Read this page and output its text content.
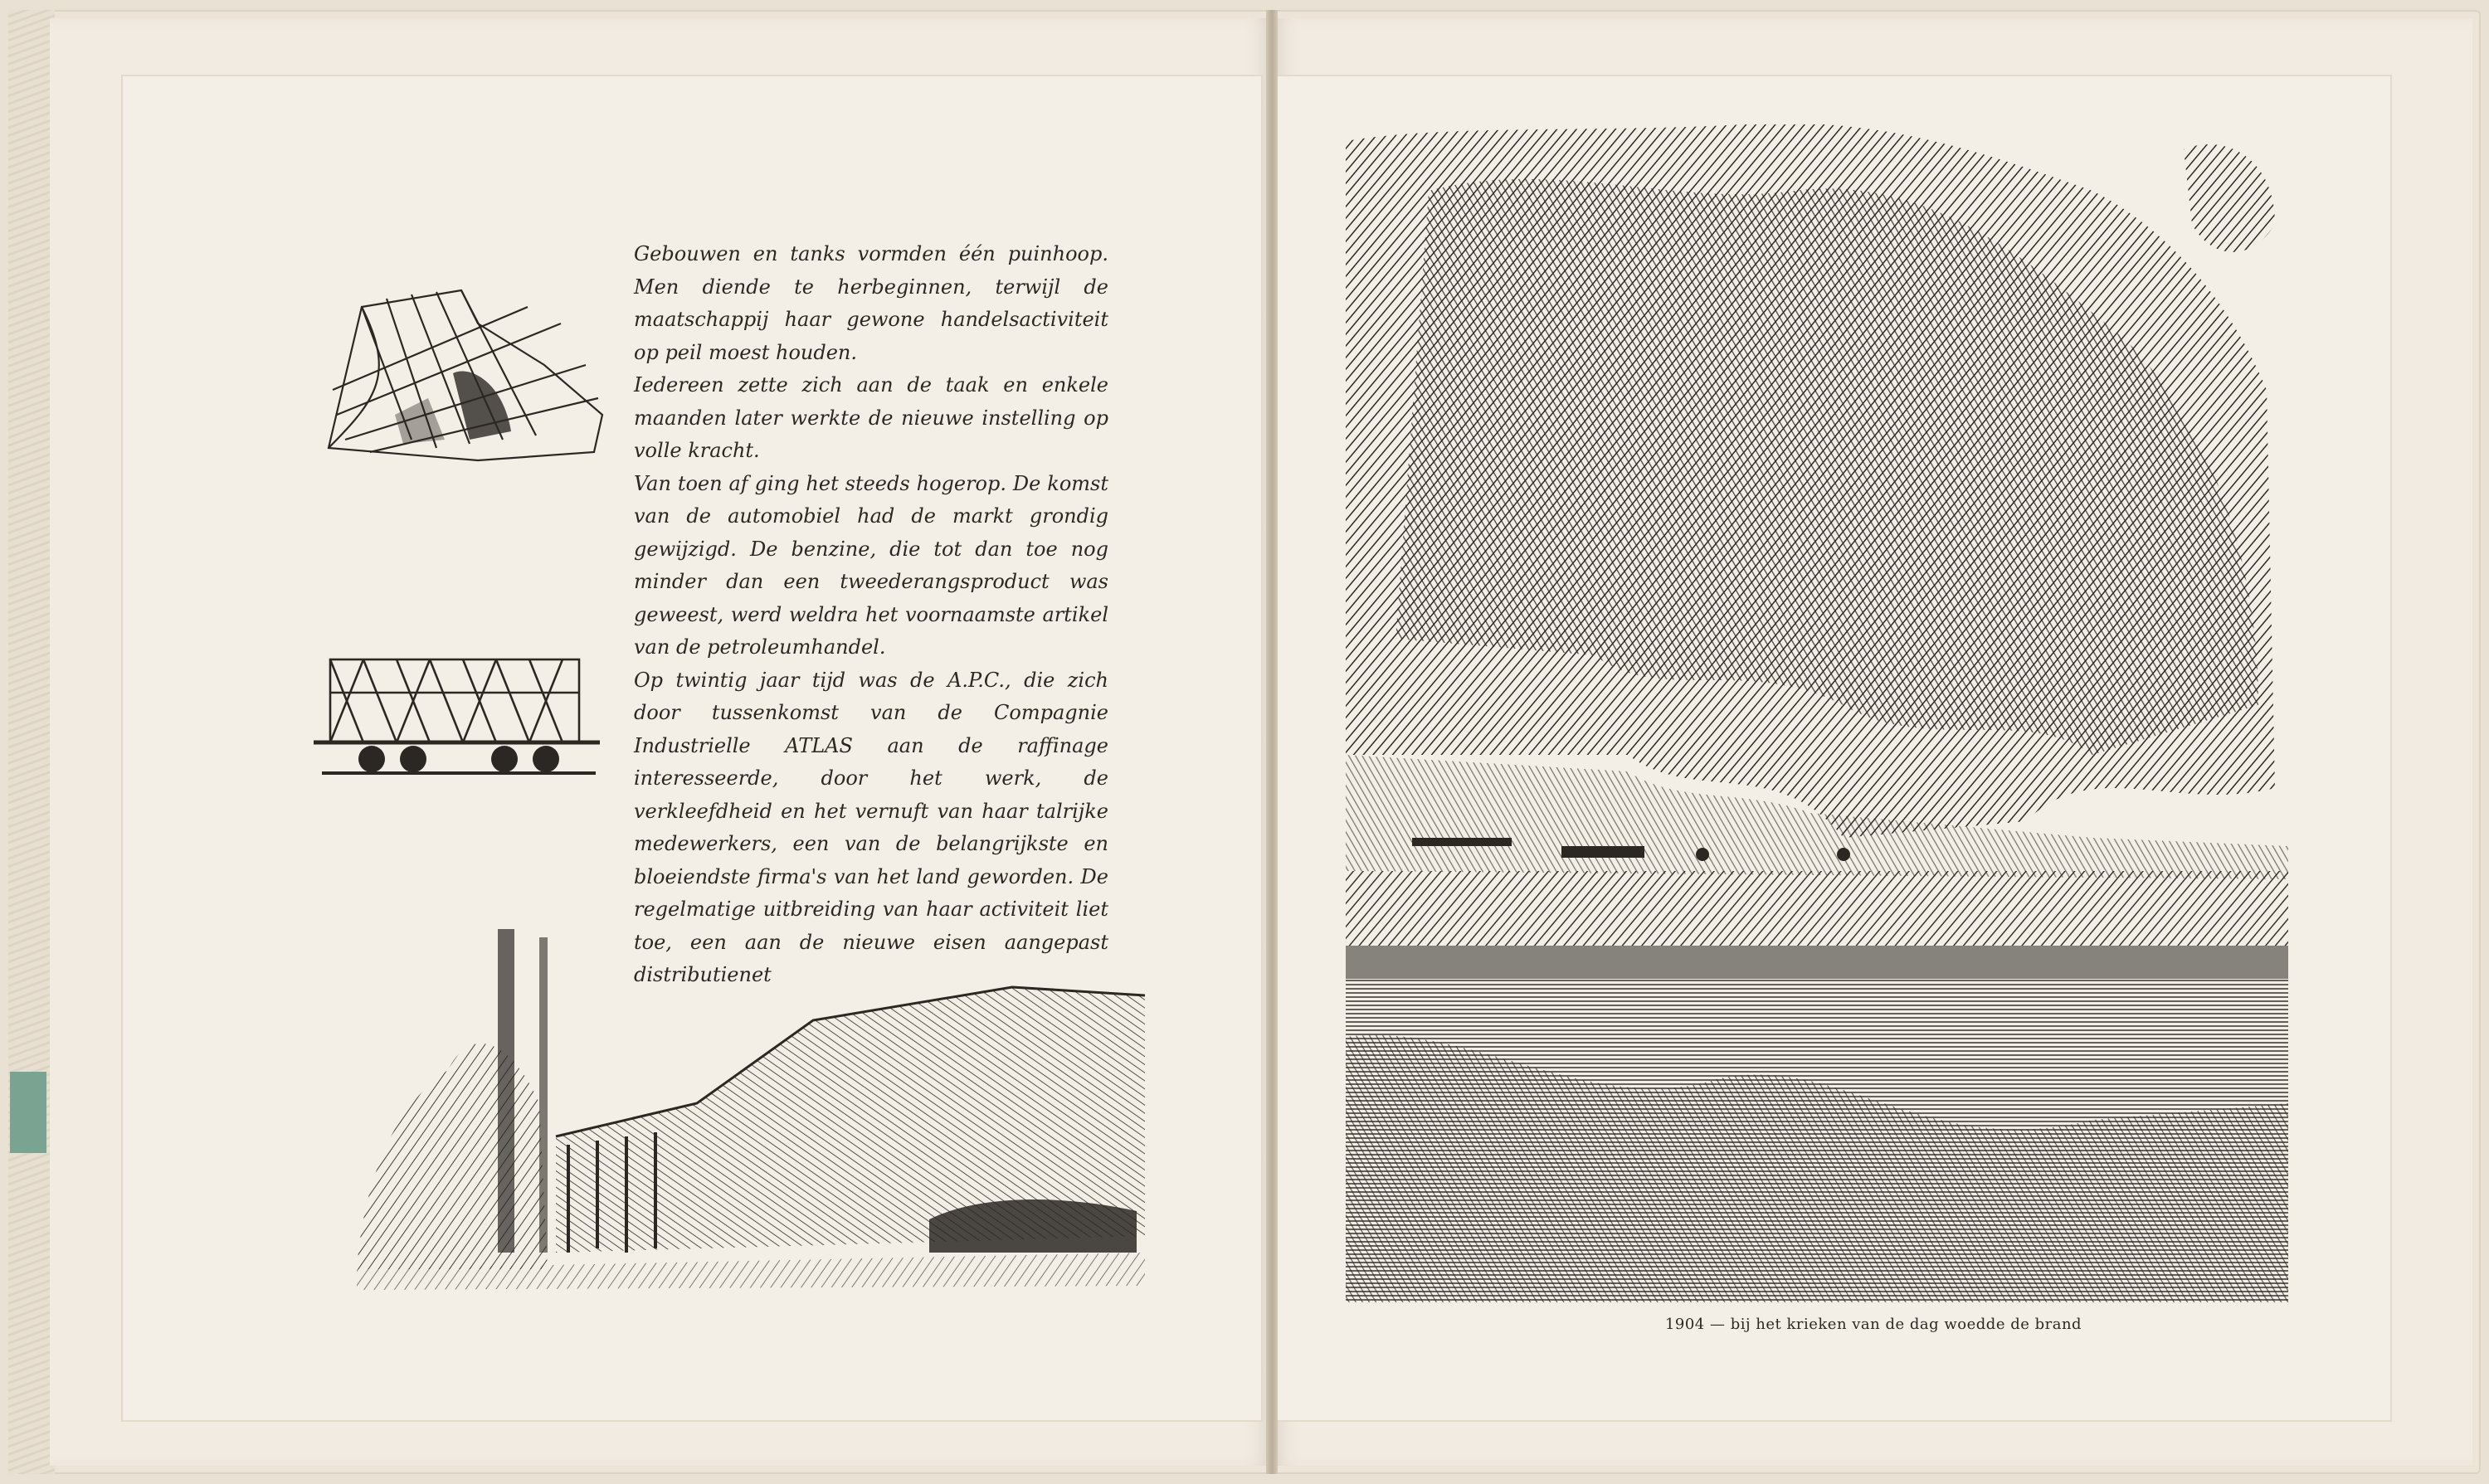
Gebouwen en tanks vormden één puinhoop. Men diende te herbeginnen, terwijl de maatschappij haar gewone handelsactiviteit op peil moest houden.

Iedereen zette zich aan de taak en enkele maanden later werkte de nieuwe instelling op volle kracht.

Van toen af ging het steeds hogerop. De komst van de automobiel had de markt grondig gewijzigd. De benzine, die tot dan toe nog minder dan een tweederangsproduct was geweest, werd weldra het voornaamste artikel van de petroleumhandel.

Op twintig jaar tijd was de A.P.C., die zich door tussenkomst van de Compagnie Industrielle ATLAS aan de raffinage interesseerde, door het werk, de verkleefdheid en het vernuft van haar talrijke medewerkers, een van de belangrijkste en bloeiendste firma's van het land geworden. De regelmatige uitbreiding van haar activiteit liet toe, een aan de nieuwe eisen aangepast distributienet

1904 — bij het kriеken van de dag woedde de brand
